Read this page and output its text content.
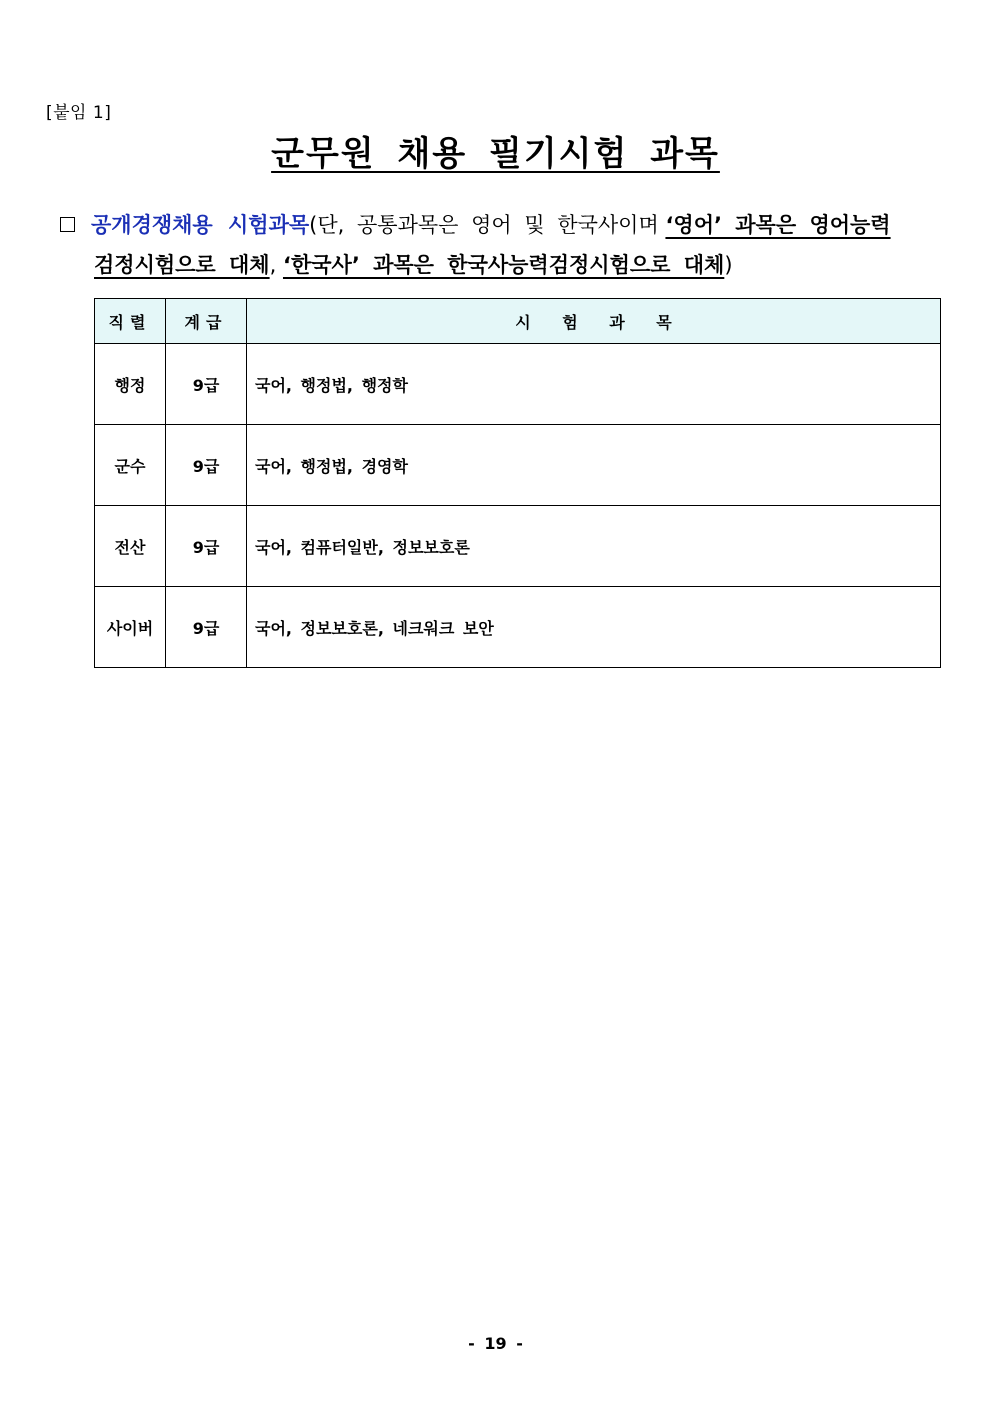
[붙임 1]
군무원 채용 필기시험 과목
공개경쟁채용 시험과목(단, 공통과목은 영어 및 한국사이며 ‘영어’ 과목은 영어능력
검정시험으로 대체, ‘한국사’ 과목은 한국사능력검정시험으로 대체)
직렬	계급	시 험 과 목
행정	9급	국어, 행정법, 행정학
군수	9급	국어, 행정법, 경영학
전산	9급	국어, 컴퓨터일반, 정보보호론
사이버	9급	국어, 정보보호론, 네크워크 보안
- 19 -
